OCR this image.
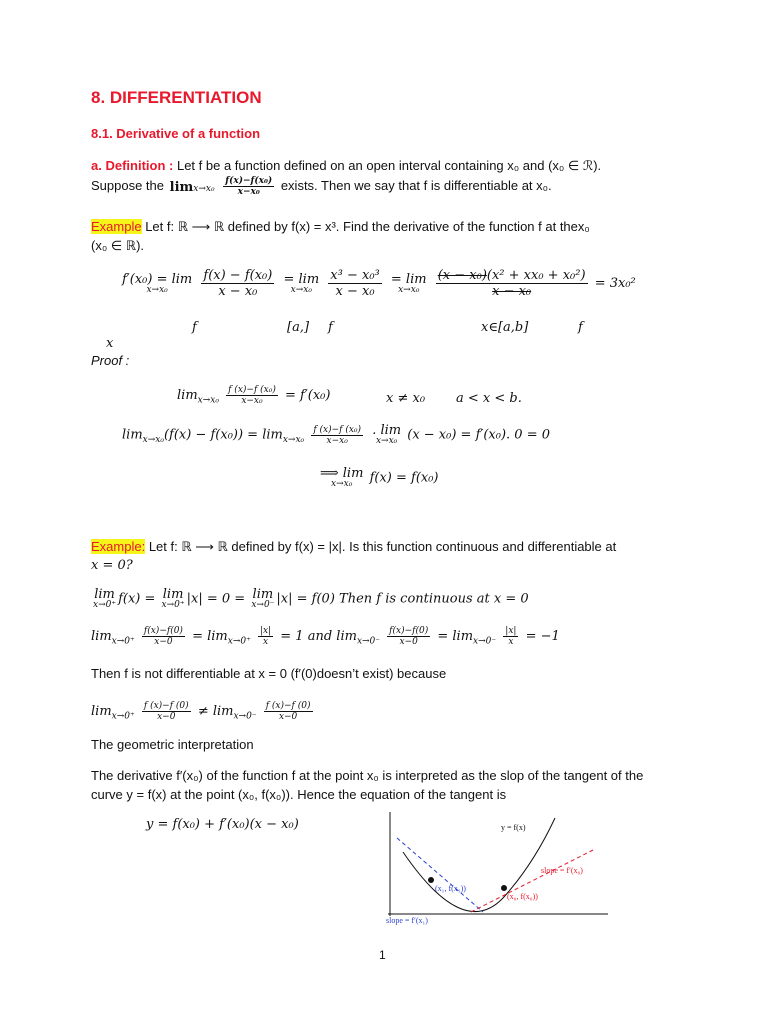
8. DIFFERENTIATION
8.1. Derivative of a function
a. Definition : Let f be a function defined on an open interval containing x₀ and (x₀ ∈ ℛ).
Suppose the $\lim x\to x_0 \frac{\text{f(x)−f(x₀)}}{\text{x−x₀}}$ exists. Then we say that f is differentiable at x₀.
Example Let f: ℝ ⟶ ℝ defined by f(x) = x³. Find the derivative of the function f at thex₀
(x₀ ∈ ℝ).
f′(x₀) = lim
x→x₀
	$\frac{\text{f(x) − f(x₀)}}{\text{x − x₀}} = \lim$
x→x₀
	$\frac{\text{x³ − x₀³}}{\text{x − x₀}} = \lim$
x→x₀
	$\frac{\text{(x − x₀)(x² + xx₀ + x₀²)}}{\text{x − x₀}} = 3x_0^2$
f	[a,] f	x∈[a,b]	f
x
Proof :
$\lim_{x\to x_0} \frac{\text{f (x)−f (x₀)}}{\text{x−x₀}} = f'(x_0)$	x ≠ x₀ a < x < b.
$\lim_{x\to x_0}(f(x) - f(x_0)) = \lim_{x\to x_0} \frac{\text{f (x)−f (x₀)}}{\text{x−x₀}}$ . lim
x→x₀ (x − x₀) = f′(x₀). 0 = 0
⟹ lim
x→x₀	f(x) = f(x₀)
Example: Let f: ℝ ⟶ ℝ defined by f(x) = |x|. Is this function continuous and differentiable at
x = 0?
lim
x→0⁺ f(x) = lim
x→0⁺ |x| = 0 = lim
x→0⁻ |x| = f(0) Then f is continuous at x = 0
$\lim_{x\to 0^+} \frac{f(x)-f(0)}{x-0} = \lim_{x\to 0^+} \frac{|x|}{x} = 1$ and $\lim_{x\to 0^-} \frac{f(x)-f(0)}{x-0} = \lim_{x\to 0^-} \frac{|x|}{x} = -1$
Then f is not differentiable at x = 0 (f′(0)doesn’t exist) because
$\lim_{x\to 0^+} \frac{f (x)-f (0)}{x-0} \ne \lim_{x\to 0^-} \frac{f (x)-f (0)}{x-0}$
The geometric interpretation
The derivative f′(x₀) of the function f at the point x₀ is interpreted as the slop of the tangent of the
curve y = f(x) at the point (x₀, f(x₀)). Hence the equation of the tangent is
y = f(x₀) + f′(x₀)(x − x₀)	y = f(x)
slope = f′(x₀)
(x₁, f(x₁))
(x₀, f(x₀))
slope = f′(x₁)
1
